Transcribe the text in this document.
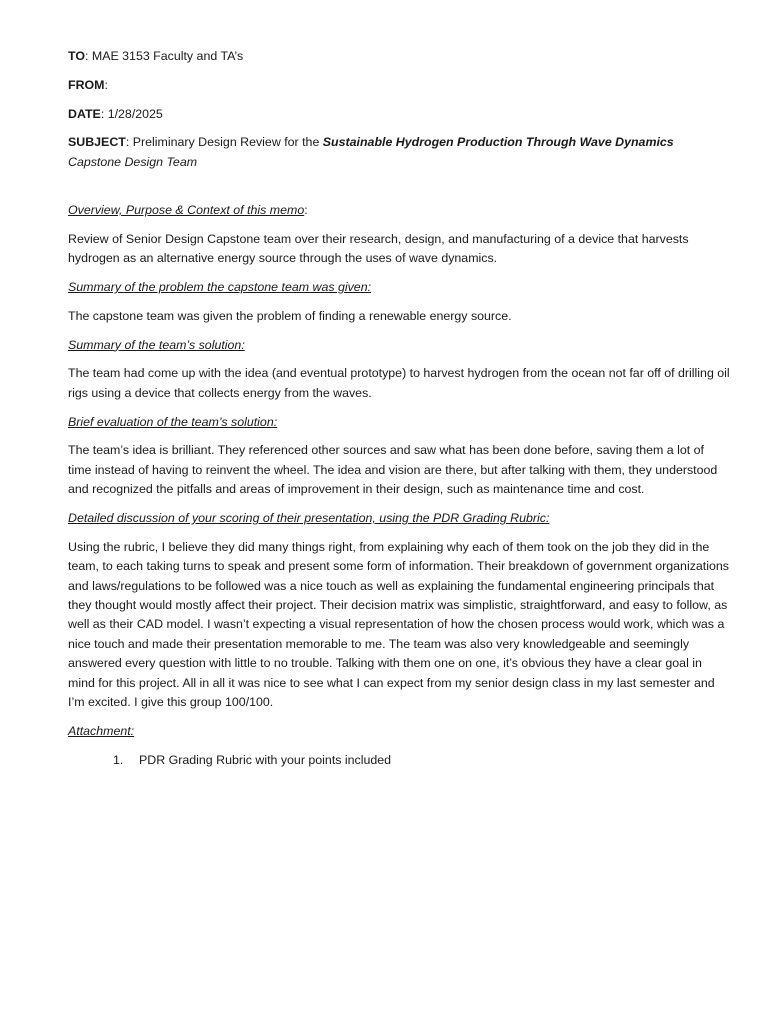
TO: MAE 3153 Faculty and TA’s

FROM:

DATE: 1/28/2025

SUBJECT: Preliminary Design Review for the Sustainable Hydrogen Production Through Wave Dynamics Capstone Design Team

Overview, Purpose & Context of this memo:

Review of Senior Design Capstone team over their research, design, and manufacturing of a device that harvests hydrogen as an alternative energy source through the uses of wave dynamics.

Summary of the problem the capstone team was given:

The capstone team was given the problem of finding a renewable energy source.

Summary of the team’s solution:

The team had come up with the idea (and eventual prototype) to harvest hydrogen from the ocean not far off of drilling oil rigs using a device that collects energy from the waves.

Brief evaluation of the team’s solution:

The team’s idea is brilliant. They referenced other sources and saw what has been done before, saving them a lot of time instead of having to reinvent the wheel. The idea and vision are there, but after talking with them, they understood and recognized the pitfalls and areas of improvement in their design, such as maintenance time and cost.

Detailed discussion of your scoring of their presentation, using the PDR Grading Rubric:

Using the rubric, I believe they did many things right, from explaining why each of them took on the job they did in the team, to each taking turns to speak and present some form of information. Their breakdown of government organizations and laws/regulations to be followed was a nice touch as well as explaining the fundamental engineering principals that they thought would mostly affect their project. Their decision matrix was simplistic, straightforward, and easy to follow, as well as their CAD model. I wasn’t expecting a visual representation of how the chosen process would work, which was a nice touch and made their presentation memorable to me. The team was also very knowledgeable and seemingly answered every question with little to no trouble. Talking with them one on one, it’s obvious they have a clear goal in mind for this project. All in all it was nice to see what I can expect from my senior design class in my last semester and I’m excited. I give this group 100/100.

Attachment:

1. PDR Grading Rubric with your points included
